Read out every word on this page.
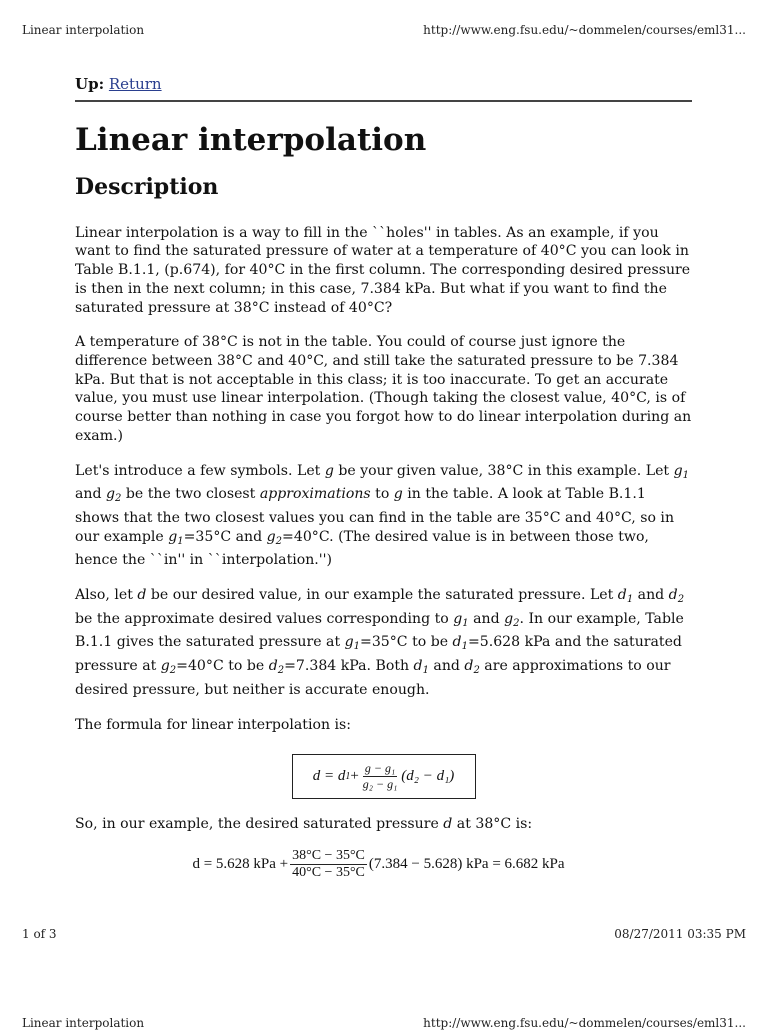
Linear interpolation	http://www.eng.fsu.edu/~dommelen/courses/eml31...
Up: Return
Linear interpolation
Description

Linear interpolation is a way to fill in the ``holes'' in tables. As an example, if you want to find the saturated pressure of water at a temperature of 40°C you can look in Table B.1.1, (p.674), for 40°C in the first column. The corresponding desired pressure is then in the next column; in this case, 7.384 kPa. But what if you want to find the saturated pressure at 38°C instead of 40°C?

A temperature of 38°C is not in the table. You could of course just ignore the difference between 38°C and 40°C, and still take the saturated pressure to be 7.384 kPa. But that is not acceptable in this class; it is too inaccurate. To get an accurate value, you must use linear interpolation. (Though taking the closest value, 40°C, is of course better than nothing in case you forgot how to do linear interpolation during an exam.)

Let's introduce a few symbols. Let g be your given value, 38°C in this example. Let $g_1$ and $g_2$ be the two closest approximations to g in the table. A look at Table B.1.1 shows that the two closest values you can find in the table are 35°C and 40°C, so in our example $g_1=35^\circ C$ and $g_2=40^\circ C$. (The desired value is in between those two, hence the ``in'' in ``interpolation.'')

Also, let d be our desired value, in our example the saturated pressure. Let $d_1$ and $d_2$ be the approximate desired values corresponding to $g_1$ and $g_2$. In our example, Table B.1.1 gives the saturated pressure at $g_1=35^\circ C$ to be $d_1=5.628$ kPa and the saturated pressure at $g_2=40^\circ C$ to be $d_2=7.384$ kPa. Both $d_1$ and $d_2$ are approximations to our desired pressure, but neither is accurate enough.

The formula for linear interpolation is:

d = d $1 + \frac{\text{g − g₁}}{\text{g₂ − g₁}} (d_2 - d_1)$

So, in our example, the desired saturated pressure d at 38°C is:

d = 5.628 kPa + $\frac{38^\circ C - 35^\circ C}{40^\circ C - 35^\circ C} (7.384 - 5.628)$ kPa = 6.682 kPa
1 of 3	08/27/2011 03:35 PM
Linear interpolation	http://www.eng.fsu.edu/~dommelen/courses/eml31...
